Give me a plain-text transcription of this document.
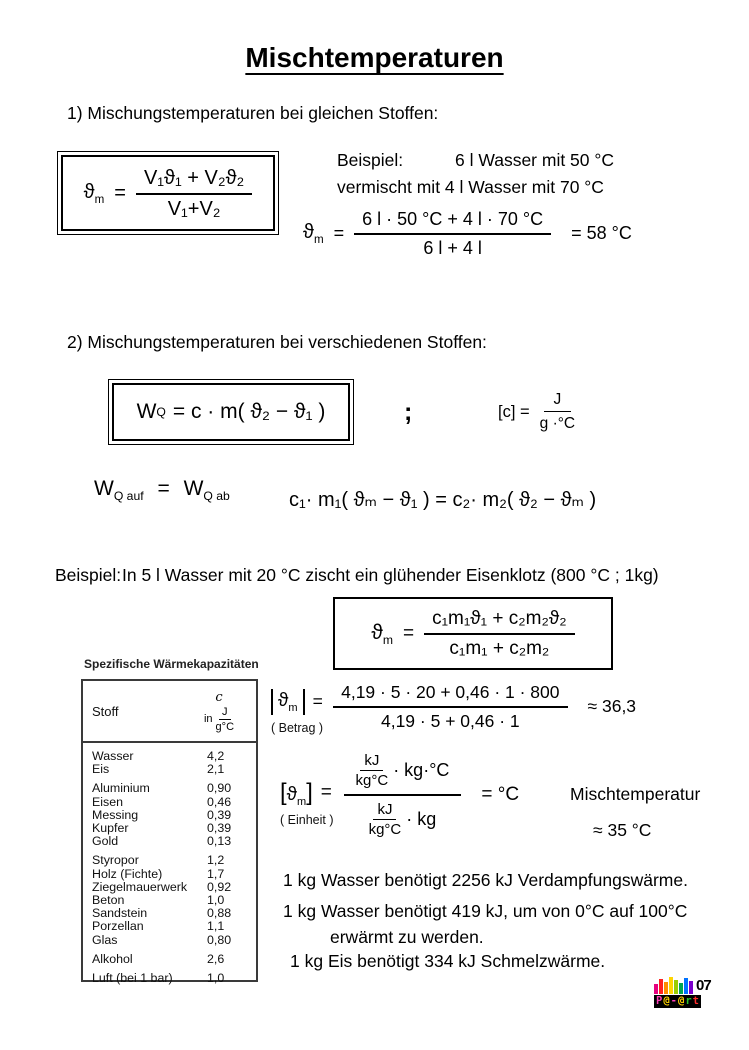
Mischtemperaturen
1) Mischungstemperaturen bei gleichen Stoffen:
$ϑ_m = \frac{\text{V₁ϑ₁ + V₂ϑ₂}}{\text{V₁+V₂}}$
Beispiel:	6 l Wasser mit 50 °C
vermischt mit 4 l Wasser mit 70 °C
$ϑ_m = \frac{6 l \cdot 50 ^\circ C + 4 l \cdot 70 ^\circ C}{6 l + 4 l} = 58$ °C
2) Mischungstemperaturen bei verschiedenen Stoffen:
W Q = c · m( ϑ₂ − ϑ₁ )	;	$[c] = \frac{J}{g \cdot^\circ C}$
$W_{Q auf} = W_{Q ab}$	c₁· m₁( ϑₘ − ϑ₁ ) = c₂· m₂( ϑ₂ − ϑₘ )
Beispiel: In 5 l Wasser mit 20 °C zischt ein glühender Eisenklotz (800 °C ; 1kg)
$ϑ_m = \frac{\text{c₁m₁ϑ₁ + c₂m₂ϑ₂}}{\text{c₁m₁ + c₂m₂}}$
Spezifische Wärmekapazitäten
Stoff
c
in
J
g°C
Wasser	4,2
Eis	2,1
Aluminium	0,90
Eisen	0,46
Messing	0,39
Kupfer	0,39
Gold	0,13
Styropor	1,2
Holz (Fichte)	1,7
Ziegelmauerwerk	0,92
Beton	1,0
Sandstein	0,88
Porzellan	1,1
Glas	0,80
Alkohol	2,6
Luft (bei 1 bar)	1,0
$ϑ_m$ =
( Betrag ) $\frac{4,19 \cdot 5 \cdot 20 + 0,46 \cdot 1 \cdot 800}{4,19 \cdot 5 + 0,46 \cdot 1} \approx 36,3$
$[ϑ_m]$ =
( Einheit )
kJ
kg°C
· kg·°C
kJ
kg°C
· kg
= °C	Mischtemperatur
≈ 35 °C
1 kg Wasser benötigt 2256 kJ Verdampfungswärme.
1 kg Wasser benötigt 419 kJ, um von 0°C auf 100°C
erwärmt zu werden.
1 kg Eis benötigt 334 kJ Schmelzwärme.
07
P @ - @ r t
